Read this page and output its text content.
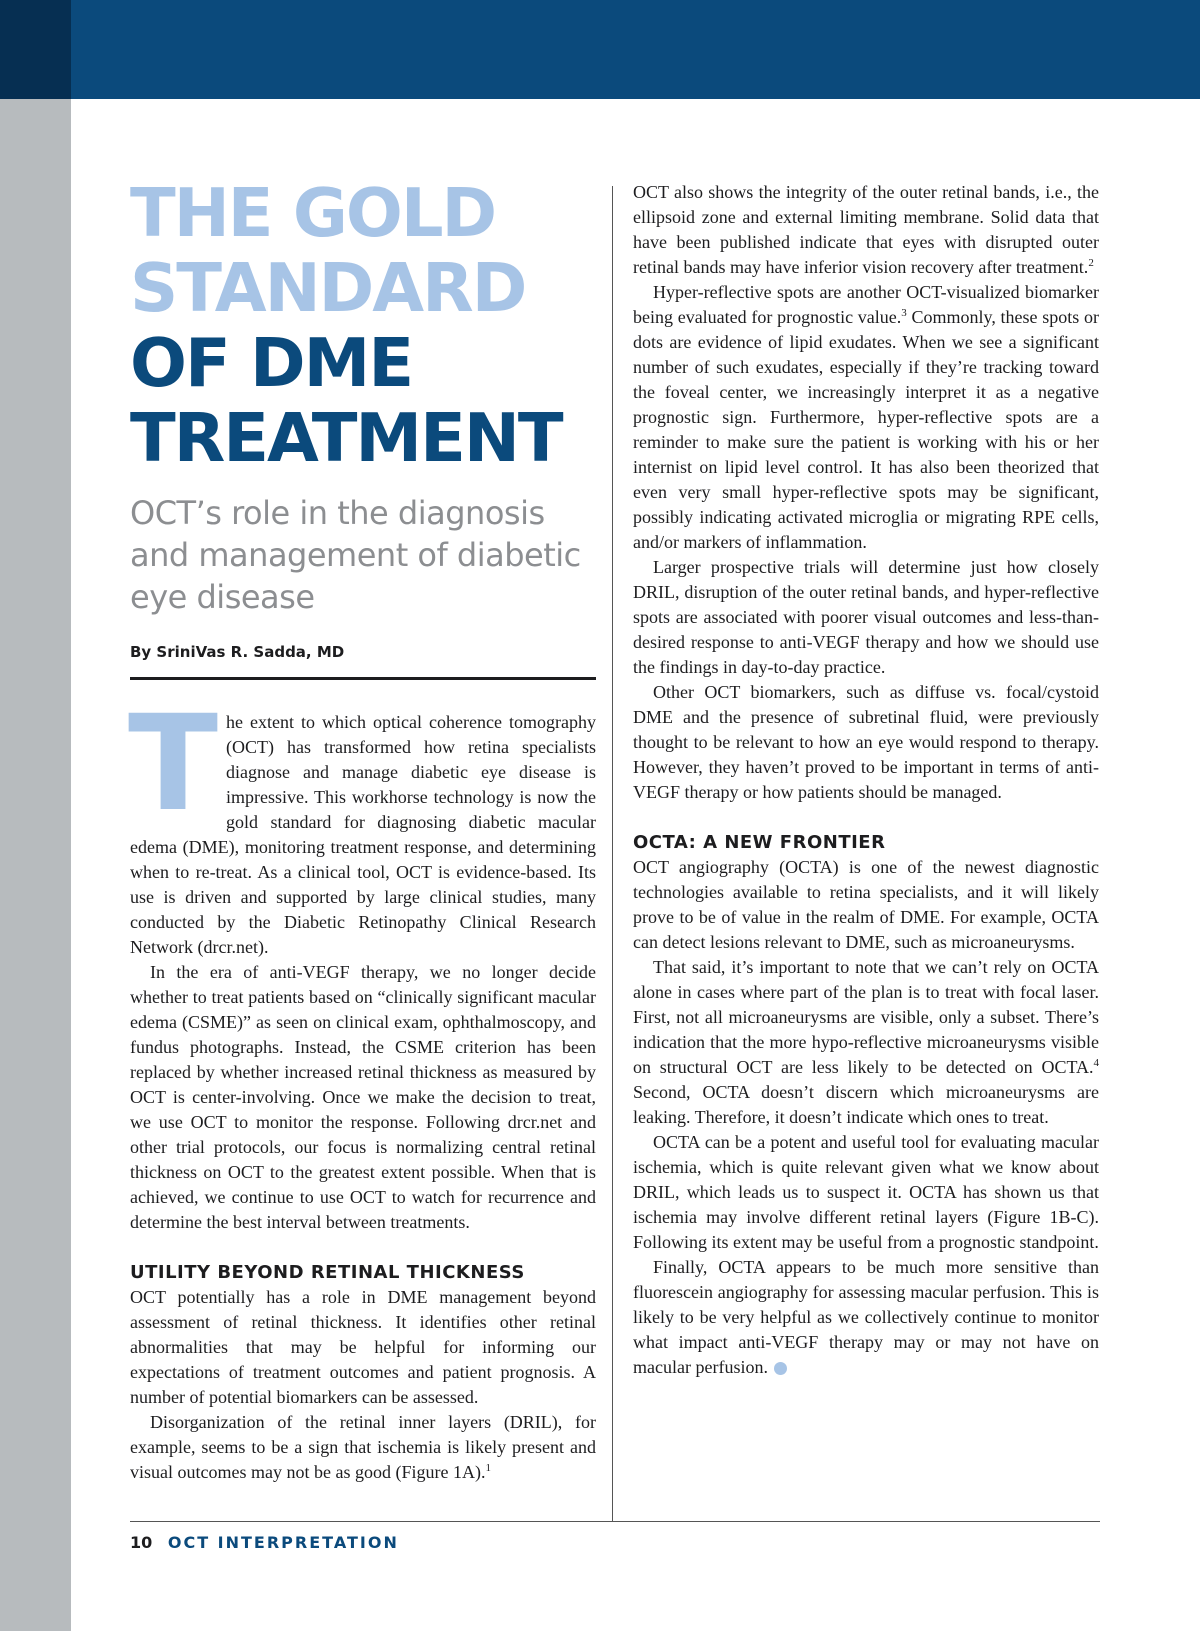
THE GOLD
STANDARD
OF DME
TREATMENT
OCT’s role in the diagnosis
and management of diabetic
eye disease
By SriniVas R. Sadda, MD

The extent to which optical coherence tomography (OCT) has transformed how retina specialists diagnose and manage diabetic eye disease is impressive. This workhorse technology is now the gold standard for diagnosing diabetic macular edema (DME), monitoring treatment response, and determining when to re-treat. As a clinical tool, OCT is evidence-based. Its use is driven and supported by large clinical studies, many conducted by the Diabetic Retinopathy Clinical Research Network (drcr.net).

In the era of anti-VEGF therapy, we no longer decide whether to treat patients based on “clinically significant macular edema (CSME)” as seen on clinical exam, ophthalmoscopy, and fundus photographs. Instead, the CSME criterion has been replaced by whether increased retinal thickness as measured by OCT is center-involving. Once we make the decision to treat, we use OCT to monitor the response. Following drcr.net and other trial protocols, our focus is normalizing central retinal thickness on OCT to the greatest extent possible. When that is achieved, we continue to use OCT to watch for recurrence and determine the best interval between treatments.

UTILITY BEYOND RETINAL THICKNESS

OCT potentially has a role in DME management beyond assessment of retinal thickness. It identifies other retinal abnormalities that may be helpful for informing our expectations of treatment outcomes and patient prognosis. A number of potential biomarkers can be assessed.

Disorganization of the retinal inner layers (DRIL), for example, seems to be a sign that ischemia is likely present and visual outcomes may not be as good (Figure 1A).$^1$

OCT also shows the integrity of the outer retinal bands, i.e., the ellipsoid zone and external limiting membrane. Solid data that have been published indicate that eyes with disrupted outer retinal bands may have inferior vision recovery after treatment.$^2$

Hyper-reflective spots are another OCT-visualized biomarker being evaluated for prognostic value.$^3$ Commonly, these spots or dots are evidence of lipid exudates. When we see a significant number of such exudates, especially if they’re tracking toward the foveal center, we increasingly interpret it as a negative prognostic sign. Furthermore, hyper-reflective spots are a reminder to make sure the patient is working with his or her internist on lipid level control. It has also been theorized that even very small hyper-reflective spots may be significant, possibly indicating activated microglia or migrating RPE cells, and/or markers of inflammation.

Larger prospective trials will determine just how closely DRIL, disruption of the outer retinal bands, and hyper-reflective spots are associated with poorer visual outcomes and less-than-desired response to anti-VEGF therapy and how we should use the findings in day-to-day practice.

Other OCT biomarkers, such as diffuse vs. focal/cystoid DME and the presence of subretinal fluid, were previously thought to be relevant to how an eye would respond to therapy. However, they haven’t proved to be important in terms of anti-VEGF therapy or how patients should be managed.

OCTA: A NEW FRONTIER

OCT angiography (OCTA) is one of the newest diagnostic technologies available to retina specialists, and it will likely prove to be of value in the realm of DME. For example, OCTA can detect lesions relevant to DME, such as microaneurysms.

That said, it’s important to note that we can’t rely on OCTA alone in cases where part of the plan is to treat with focal laser. First, not all microaneurysms are visible, only a subset. There’s indication that the more hypo-reflective microaneurysms visible on structural OCT are less likely to be detected on OCTA.$^4$ Second, OCTA doesn’t discern which microaneurysms are leaking. Therefore, it doesn’t indicate which ones to treat.

OCTA can be a potent and useful tool for evaluating macular ischemia, which is quite relevant given what we know about DRIL, which leads us to suspect it. OCTA has shown us that ischemia may involve different retinal layers (Figure 1B-C). Following its extent may be useful from a prognostic standpoint.

Finally, OCTA appears to be much more sensitive than fluorescein angiography for assessing macular perfusion. This is likely to be very helpful as we collectively continue to monitor what impact anti-VEGF therapy may or may not have on macular perfusion.

10 OCT INTERPRETATION
